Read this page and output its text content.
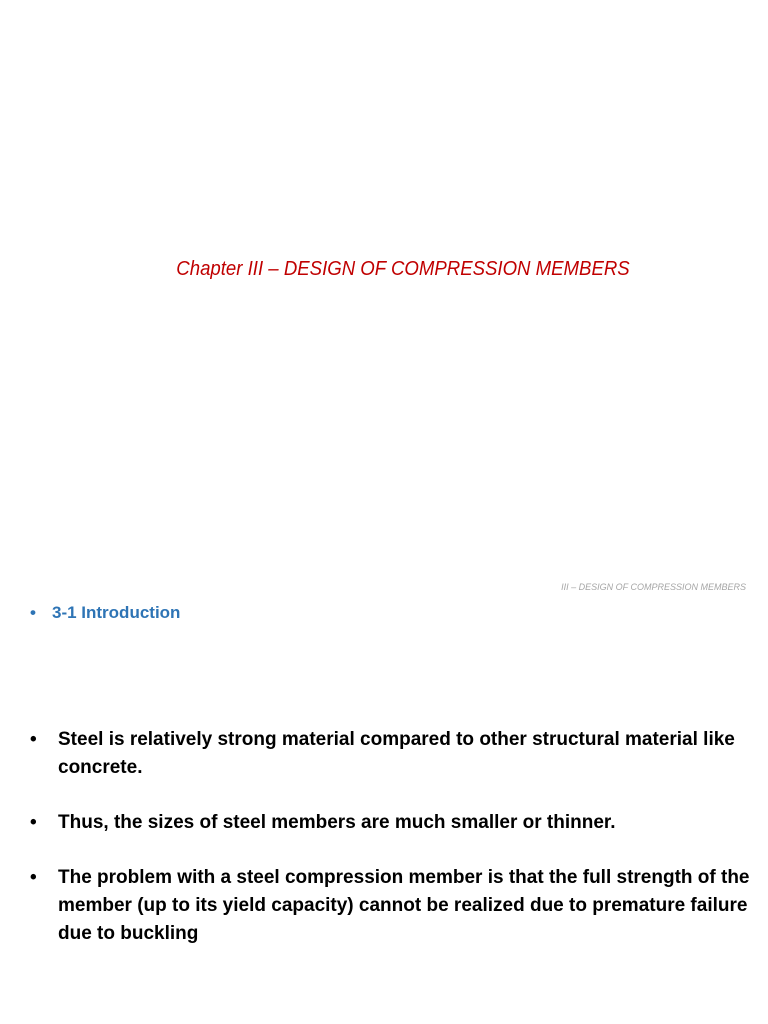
Chapter III – DESIGN OF COMPRESSION MEMBERS
III – DESIGN OF COMPRESSION MEMBERS
• 3-1 Introduction
• Steel is relatively strong material compared to other structural material like concrete.
• Thus, the sizes of steel members are much smaller or thinner.
• The problem with a steel compression member is that the full strength of the member (up to its yield capacity) cannot be realized due to premature failure due to buckling
